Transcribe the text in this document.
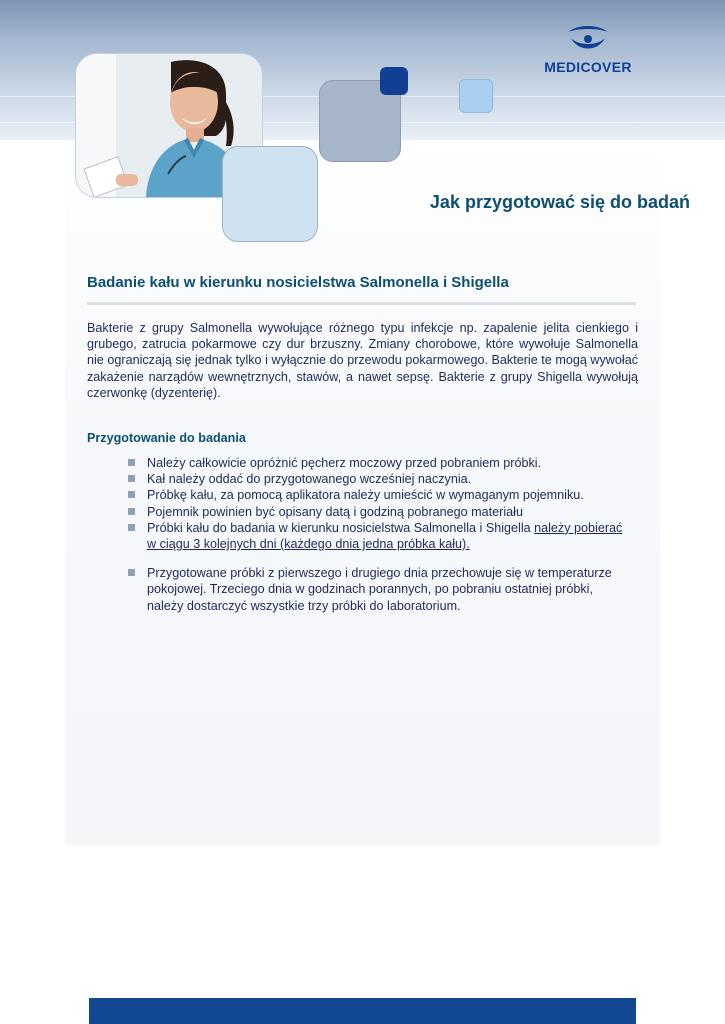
MEDICOVER
Jak przygotować się do badań
Badanie kału w kierunku nosicielstwa Salmonella i Shigella

Bakterie z grupy Salmonella wywołujące różnego typu infekcje np. zapalenie jelita cienkiego i grubego, zatrucia pokarmowe czy dur brzuszny. Zmiany chorobowe, które wywołuje Salmonella nie ograniczają się jednak tylko i wyłącznie do przewodu pokarmowego. Bakterie te mogą wywołać zakażenie narządów wewnętrznych, stawów, a nawet sepsę. Bakterie z grupy Shigella wywołują czerwonkę (dyzenterię).

Przygotowanie do badania
Należy całkowicie opróżnić pęcherz moczowy przed pobraniem próbki.
Kał należy oddać do przygotowanego wcześniej naczynia.
Próbkę kału, za pomocą aplikatora należy umieścić w wymaganym pojemniku.
Pojemnik powinien być opisany datą i godziną pobranego materiału
Próbki kału do badania w kierunku nosicielstwa Salmonella i Shigella należy pobierać w ciągu 3 kolejnych dni (każdego dnia jedna próbka kału).
Przygotowane próbki z pierwszego i drugiego dnia przechowuje się w temperaturze pokojowej. Trzeciego dnia w godzinach porannych, po pobraniu ostatniej próbki, należy dostarczyć wszystkie trzy próbki do laboratorium.
